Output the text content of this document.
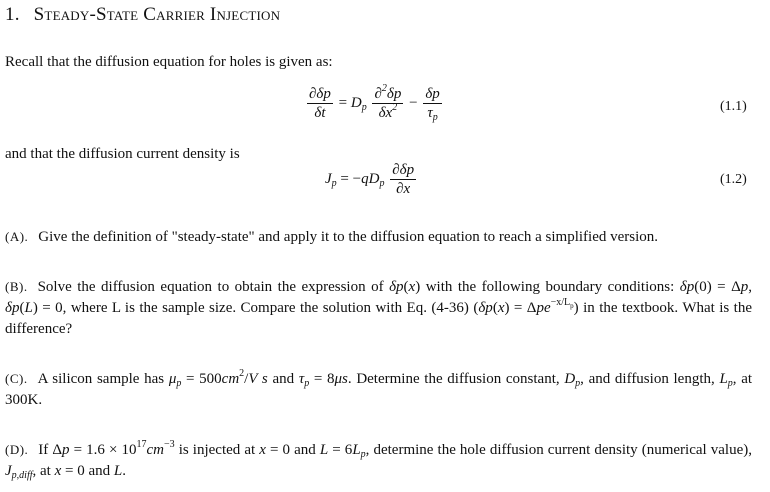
1. Steady-State Carrier Injection
Recall that the diffusion equation for holes is given as:
$\frac{\partial\delta p}{\delta t} = D_p \frac{\partial^2\delta p}{\delta x^2} - \frac{\delta p}{\tau_p}$	(1.1)
and that the diffusion current density is
$J_p = -qD_p \frac{\partial\delta p}{\partial x}$	(1.2)
(A). Give the definition of "steady-state" and apply it to the diffusion equation to reach a simplified version.
(B). Solve the diffusion equation to obtain the expression of δp(x) with the following boundary conditions: δp(0) = Δp, δp(L) = 0, where L is the sample size. Compare the solution with Eq. (4-36) (δp(x) = Δpe$^{-x/L_p}$) in the textbook. What is the difference?
(C). A silicon sample has $\mu_p = 500cm^2/V$ s and $\tau_p = 8\mu s$. Determine the diffusion constant, $D_p$, and diffusion length, $L_p$, at 300K.
(D). If $\Delta p = 1.6 \times 10^{17}cm^{-3}$ is injected at x = 0 and $L = 6L_p$, determine the hole diffusion current density (numerical value), $J_{p,diff}$, at x = 0 and L.
